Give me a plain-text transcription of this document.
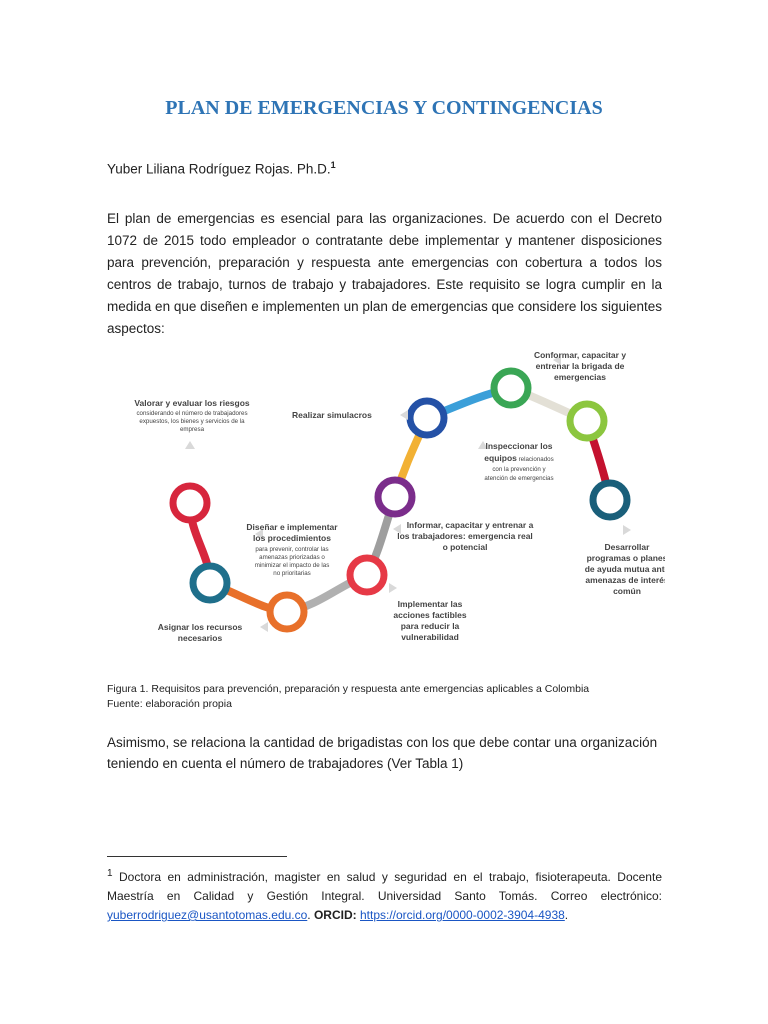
PLAN DE EMERGENCIAS Y CONTINGENCIAS
Yuber Liliana Rodríguez Rojas. Ph.D.$^1$
El plan de emergencias es esencial para las organizaciones. De acuerdo con el Decreto 1072 de 2015 todo empleador o contratante debe implementar y mantener disposiciones para prevención, preparación y respuesta ante emergencias con cobertura a todos los centros de trabajo, turnos de trabajo y trabajadores. Este requisito se logra cumplir en la medida en que diseñen e implementen un plan de emergencias que considere los siguientes aspectos:
Valorar y evaluar los riesgos
considerando el número de trabajadores
expuestos, los bienes y servicios de la
empresa
Asignar los recursos
necesarios
Diseñar e implementar
los procedimientos
para prevenir, controlar las
amenazas priorizadas o
minimizar el impacto de las
no prioritarias
Implementar las
acciones factibles
para reducir la
vulnerabilidad
Informar, capacitar y entrenar a
los trabajadores: emergencia real
o potencial
Realizar simulacros
Conformar, capacitar y
entrenar la brigada de
emergencias
Inspeccionar los
equipos relacionados
con la prevención y
atención de emergencias
Desarrollar
programas o planes
de ayuda mutua ante
amenazas de interés
común
Figura 1. Requisitos para prevención, preparación y respuesta ante emergencias aplicables a Colombia
Fuente: elaboración propia
Asimismo, se relaciona la cantidad de brigadistas con los que debe contar una organización teniendo en cuenta el número de trabajadores (Ver Tabla 1)
$^1$ Doctora en administración, magister en salud y seguridad en el trabajo, fisioterapeuta. Docente Maestría en Calidad y Gestión Integral. Universidad Santo Tomás. Correo electrónico: yuberrodriguez@usantotomas.edu.co. ORCID: https://orcid.org/0000-0002-3904-4938.
